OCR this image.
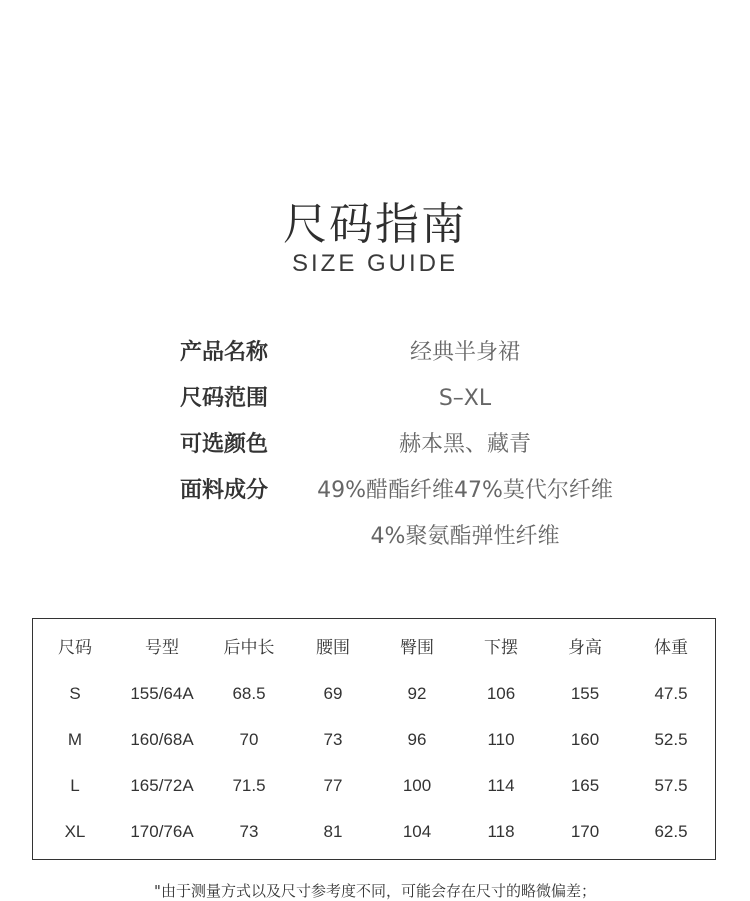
尺码指南
SIZE GUIDE
产品名称	经典半身裙
尺码范围	S–XL
可选颜色	赫本黑、藏青
面料成分	49%醋酯纤维47%莫代尔纤维
4%聚氨酯弹性纤维
尺码	号型	后中长	腰围	臀围	下摆	身高	体重
S	155/64A	68.5	69	92	106	155	47.5
M	160/68A	70	73	96	110	160	52.5
L	165/72A	71.5	77	100	114	165	57.5
XL	170/76A	73	81	104	118	170	62.5
"由于测量方式以及尺寸参考度不同，可能会存在尺寸的略微偏差；
